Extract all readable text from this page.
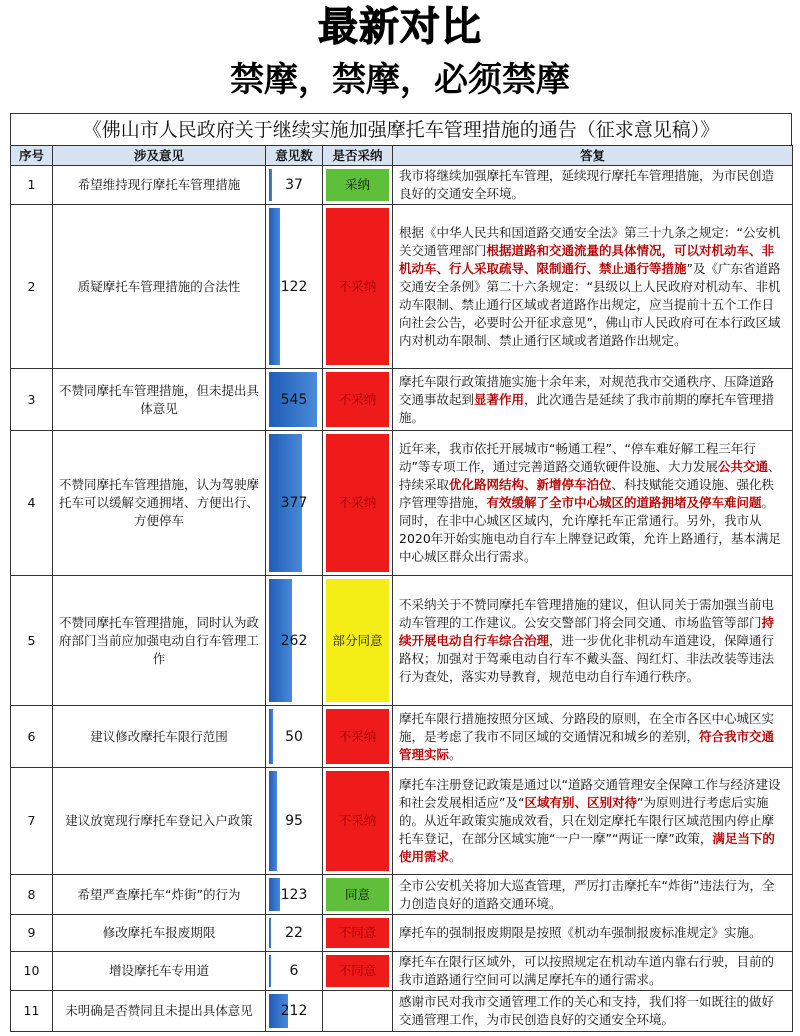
最新对比
禁摩，禁摩，必须禁摩
《佛山市人民政府关于继续实施加强摩托车管理措施的通告（征求意见稿）》
序号	涉及意见	意见数	是否采纳	答复
1	希望维持现行摩托车管理措施	37	采纳	我市将继续加强摩托车管理，延续现行摩托车管理措施，为市民创造良好的交通安全环境。
2	质疑摩托车管理措施的合法性	122	不采纳	根据《中华人民共和国道路交通安全法》第三十九条之规定：“公安机关交通管理部门根据道路和交通流量的具体情况，可以对机动车、非机动车、行人采取疏导、限制通行、禁止通行等措施”及《广东省道路交通安全条例》第二十六条规定：“县级以上人民政府对机动车、非机动车限制、禁止通行区域或者道路作出规定，应当提前十五个工作日向社会公告，必要时公开征求意见”，佛山市人民政府可在本行政区域内对机动车限制、禁止通行区域或者道路作出规定。
3	不赞同摩托车管理措施，但未提出具体意见	545	不采纳	摩托车限行政策措施实施十余年来，对规范我市交通秩序、压降道路交通事故起到显著作用，此次通告是延续了我市前期的摩托车管理措施。
4	不赞同摩托车管理措施，认为驾驶摩托车可以缓解交通拥堵、方便出行、方便停车	377	不采纳	近年来，我市依托开展城市“畅通工程”、“停车难好解工程三年行动”等专项工作，通过完善道路交通软硬件设施、大力发展公共交通、持续采取优化路网结构、新增停车泊位、科技赋能交通设施、强化秩序管理等措施，有效缓解了全市中心城区的道路拥堵及停车难问题。同时，在非中心城区区域内，允许摩托车正常通行。另外，我市从2020年开始实施电动自行车上牌登记政策，允许上路通行，基本满足中心城区群众出行需求。
5	不赞同摩托车管理措施，同时认为政府部门当前应加强电动自行车管理工作	262	部分同意	不采纳关于不赞同摩托车管理措施的建议，但认同关于需加强当前电动车管理的工作建议。公安交警部门将会同交通、市场监管等部门持续开展电动自行车综合治理，进一步优化非机动车道建设，保障通行路权；加强对于驾乘电动自行车不戴头盔、闯红灯、非法改装等违法行为查处，落实劝导教育，规范电动自行车通行秩序。
6	建议修改摩托车限行范围	50	不采纳	摩托车限行措施按照分区域、分路段的原则，在全市各区中心城区实施，是考虑了我市不同区域的交通情况和城乡的差别，符合我市交通管理实际。
7	建议放宽现行摩托车登记入户政策	95	不采纳	摩托车注册登记政策是通过以“道路交通管理安全保障工作与经济建设和社会发展相适应”及“区域有别、区别对待”为原则进行考虑后实施的。从近年政策实施成效看，只在划定摩托车限行区域范围内停止摩托车登记，在部分区域实施“一户一摩”“两证一摩”政策，满足当下的使用需求。
8	希望严查摩托车“炸街”的行为	123	同意	全市公安机关将加大巡查管理，严厉打击摩托车“炸街”违法行为，全力创造良好的道路交通环境。
9	修改摩托车报废期限	22	不同意	摩托车的强制报废期限是按照《机动车强制报废标准规定》实施。
10	增设摩托车专用道	6	不同意	摩托车在限行区域外，可以按照规定在机动车道内靠右行驶，目前的我市道路通行空间可以满足摩托车的通行需求。
11	未明确是否赞同且未提出具体意见	212		感谢市民对我市交通管理工作的关心和支持，我们将一如既往的做好交通管理工作，为市民创造良好的交通安全环境。
